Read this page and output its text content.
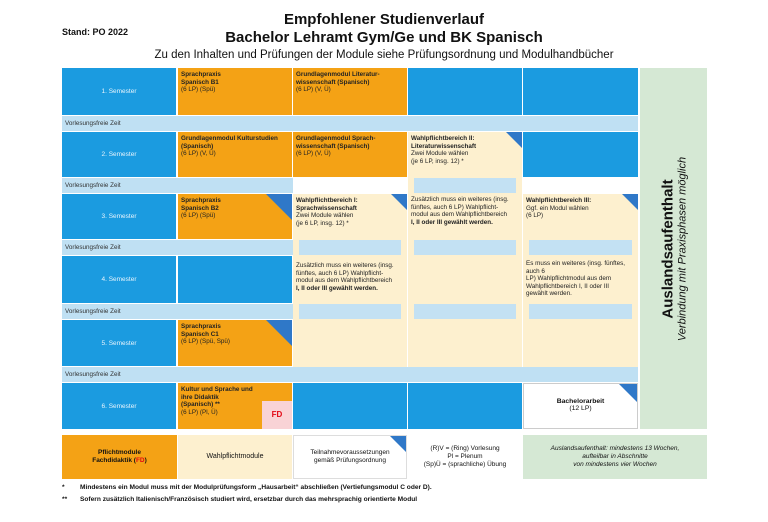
Stand: PO 2022
Empfohlener Studienverlauf
Bachelor Lehramt Gym/Ge und BK Spanisch
Zu den Inhalten und Prüfungen der Module siehe Prüfungsordnung und Modulhandbücher
1. Semester
Vorlesungsfreie Zeit
2. Semester
Vorlesungsfreie Zeit
3. Semester
Vorlesungsfreie Zeit
4. Semester
Vorlesungsfreie Zeit
5. Semester
Vorlesungsfreie Zeit
6. Semester
Sprachpraxis
Spanisch B1
(6 LP) (Spü)
Grundlagenmodul Literatur-
wissenschaft (Spanisch)
(6 LP) (V, Ü)
Grundlagenmodul Kulturstudien
(Spanisch)
(6 LP) (V, Ü)
Grundlagenmodul Sprach-
wissenschaft (Spanisch)
(6 LP) (V, Ü)
Wahlpflichtbereich II:
Literaturwissenschaft
Zwei Module wählen
(je 6 LP, insg. 12) *
Zusätzlich muss ein weiteres (insg.
fünftes, auch 6 LP) Wahlpflicht-
modul aus dem Wahlpflichtbereich
I, II oder III gewählt werden.
Sprachpraxis
Spanisch B2
(6 LP) (Spü)
Wahlpflichtbereich I:
Sprachwissenschaft
Zwei Module wählen
(je 6 LP, insg. 12) *
Zusätzlich muss ein weiteres (insg.
fünftes, auch 6 LP) Wahlpflicht-
modul aus dem Wahlpflichtbereich
I, II oder III gewählt werden.
Wahlpflichtbereich III:
Ggf. ein Modul wählen
(6 LP)
Es muss ein weiteres (insg. fünftes, auch 6
LP) Wahlpflichtmodul aus dem
Wahlpflichtbereich I, II oder III
gewählt werden.
Sprachpraxis
Spanisch C1
(6 LP) (Spü, Spü)
Kultur und Sprache und
ihre Didaktik
(Spanisch) **
(6 LP) (Pl, Ü)	FD
Bachelorarbeit
(12 LP)
Auslandsaufenthalt Verbindung mit Praxisphasen möglich
Pflichtmodule
Fachdidaktik (FD)
Wahlpflichtmodule
Teilnahmevoraussetzungen
gemäß Prüfungsordnung
(R)V = (Ring) Vorlesung
Pl = Plenum
(Sp)Ü = (sprachliche) Übung
Auslandsaufenthalt: mindestens 13 Wochen,
aufteilbar in Abschnitte
von mindestens vier Wochen
* Mindestens ein Modul muss mit der Modulprüfungsform „Hausarbeit“ abschließen (Vertiefungsmodul C oder D).
** Sofern zusätzlich Italienisch/Französisch studiert wird, ersetzbar durch das mehrsprachig orientierte Modul
